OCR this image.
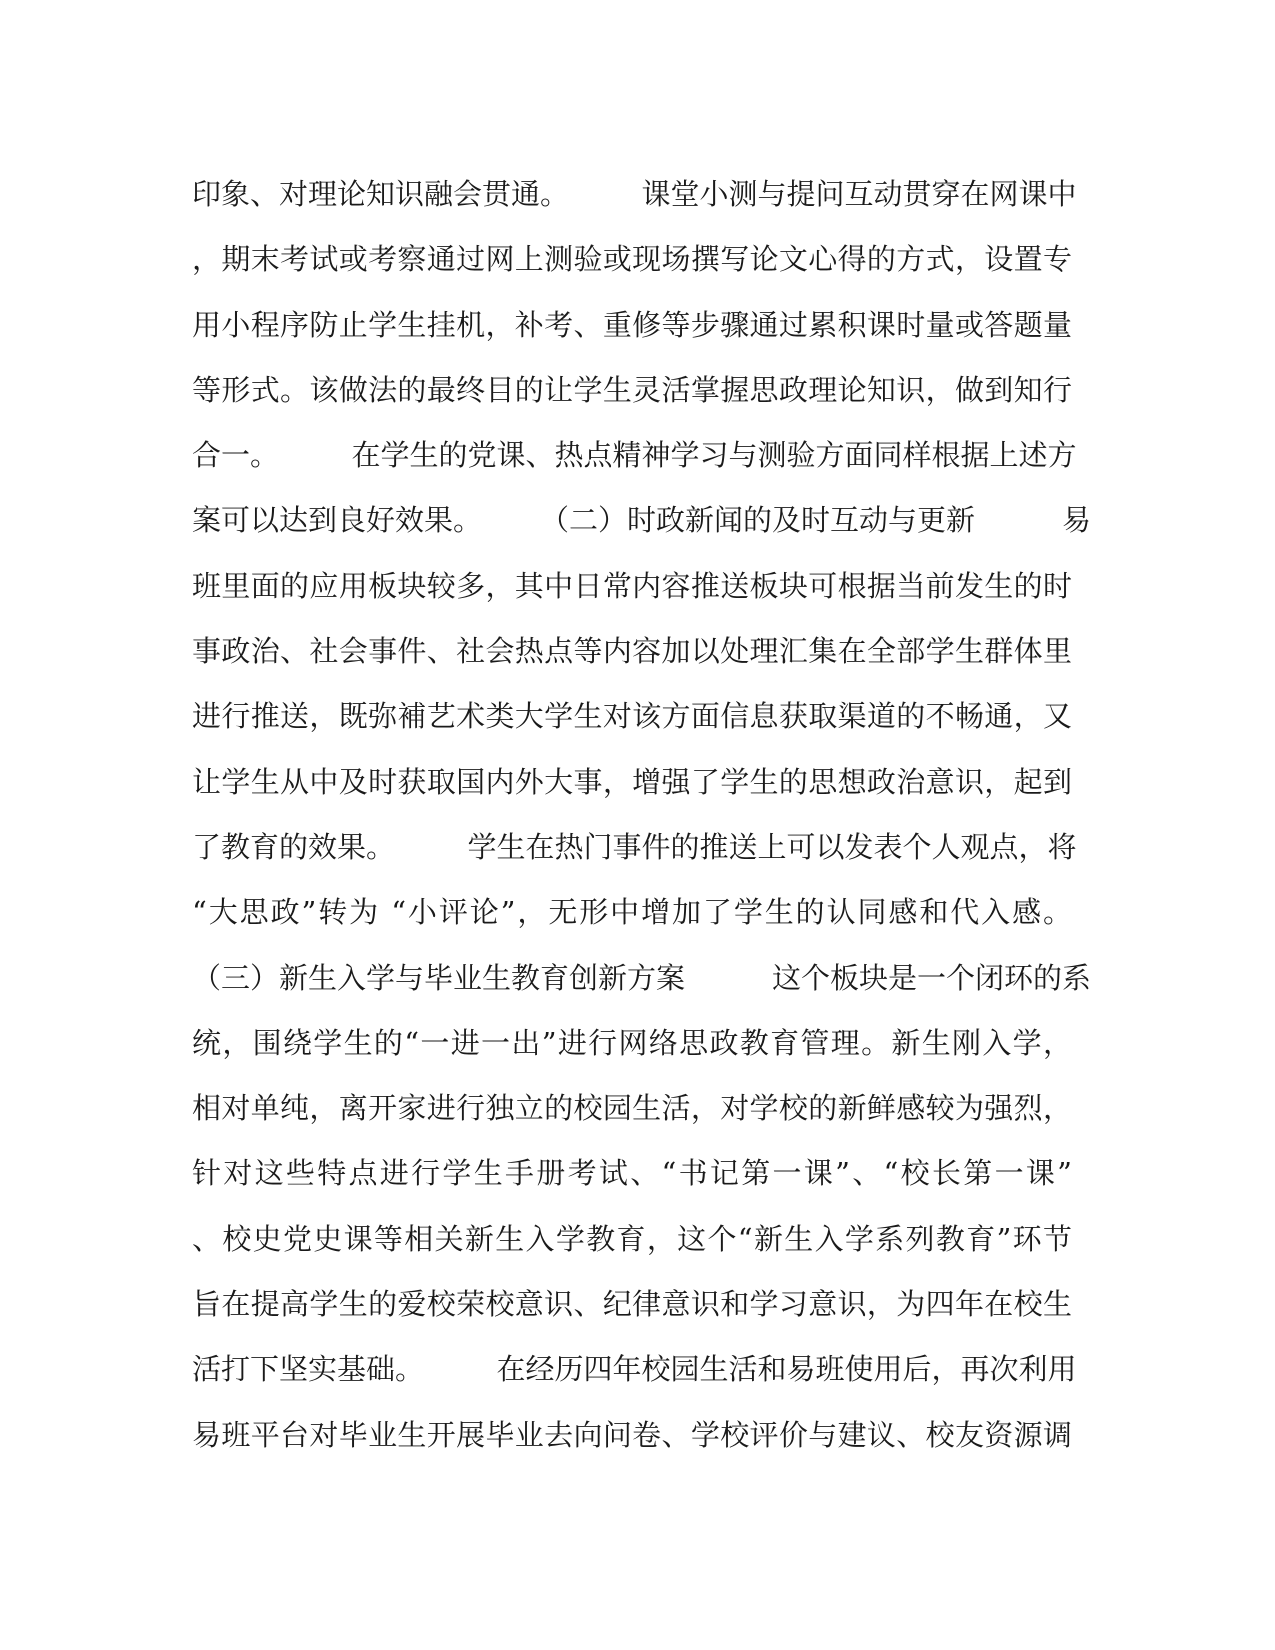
印象、对理论知识融会贯通。　　　课堂小测与提问互动贯穿在网课中
，期末考试或考察通过网上测验或现场撰写论文心得的方式，设置专
用小程序防止学生挂机，补考、重修等步骤通过累积课时量或答题量
等形式。该做法的最终目的让学生灵活掌握思政理论知识，做到知行
合一。　　　在学生的党课、热点精神学习与测验方面同样根据上述方
案可以达到良好效果。　　　（二）时政新闻的及时互动与更新　　　易
班里面的应用板块较多，其中日常内容推送板块可根据当前发生的时
事政治、社会事件、社会热点等内容加以处理汇集在全部学生群体里
进行推送，既弥補艺术类大学生对该方面信息获取渠道的不畅通，又
让学生从中及时获取国内外大事，增强了学生的思想政治意识，起到
了教育的效果。　　　学生在热门事件的推送上可以发表个人观点，将
“大思政”转为 “小评论”，无形中增加了学生的认同感和代入感。
（三）新生入学与毕业生教育创新方案　　　这个板块是一个闭环的系
统，围绕学生的“一进一出”进行网络思政教育管理。新生刚入学，
相对单纯，离开家进行独立的校园生活，对学校的新鲜感较为强烈，
针对这些特点进行学生手册考试、“书记第一课”、“校长第一课”
、校史党史课等相关新生入学教育，这个“新生入学系列教育”环节
旨在提高学生的爱校荣校意识、纪律意识和学习意识，为四年在校生
活打下坚实基础。　　　在经历四年校园生活和易班使用后，再次利用
易班平台对毕业生开展毕业去向问卷、学校评价与建议、校友资源调
